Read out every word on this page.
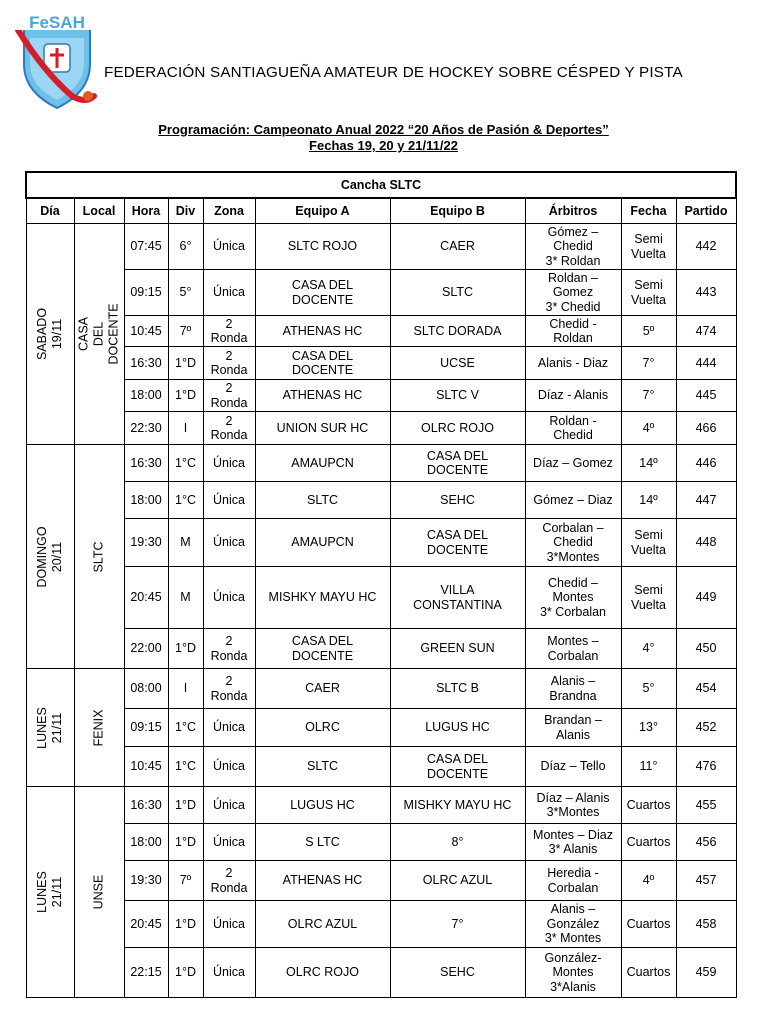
FeSAH
FEDERACIÓN SANTIAGUEÑA AMATEUR DE HOCKEY SOBRE CÉSPED Y PISTA
Programación: Campeonato Anual 2022 “20 Años de Pasión & Deportes”
Fechas 19, 20 y 21/11/22
Cancha SLTC									
Día	Local	Hora	Div	Zona	Equipo A	Equipo B	Árbitros	Fecha	Partido

SABADO
19/11	CASA DEL DOCENTE	07:45	6°	Única	SLTC ROJO	CAER	Gómez –
Chedid
3* Roldan	Semi
Vuelta	442
		09:15	5°	Única	CASA DEL
DOCENTE	SLTC	Roldan –
Gomez
3* Chedid	Semi
Vuelta	443
		10:45	7º	2
Ronda	ATHENAS HC	SLTC DORADA	Chedid -
Roldan	5º	474
		16:30	1°D	2
Ronda	CASA DEL
DOCENTE	UCSE	Alanis - Diaz	7°	444
		18:00	1°D	2
Ronda	ATHENAS HC	SLTC V	Díaz - Alanis	7°	445
		22:30	I	2
Ronda	UNION SUR HC	OLRC ROJO	Roldan -
Chedid	4º	466

DOMINGO
20/11	SLTC	16:30	1°C	Única	AMAUPCN	CASA DEL
DOCENTE	Díaz – Gomez	14º	446
		18:00	1°C	Única	SLTC	SEHC	Gómez – Diaz	14º	447
		19:30	M	Única	AMAUPCN	CASA DEL
DOCENTE	Corbalan –
Chedid
3*Montes	Semi
Vuelta	448
		20:45	M	Única	MISHKY MAYU HC	VILLA
CONSTANTINA	Chedid –
Montes
3* Corbalan	Semi
Vuelta	449
		22:00	1°D	2
Ronda	CASA DEL
DOCENTE	GREEN SUN	Montes –
Corbalan	4°	450

LUNES
21/11	FENIX	08:00	I	2
Ronda	CAER	SLTC B	Alanis –
Brandna	5°	454
		09:15	1°C	Única	OLRC	LUGUS HC	Brandan –
Alanis	13°	452
		10:45	1°C	Única	SLTC	CASA DEL
DOCENTE	Díaz – Tello	11°	476

LUNES
21/11	UNSE	16:30	1°D	Única	LUGUS HC	MISHKY MAYU HC	Díaz – Alanis
3*Montes	Cuartos	455
		18:00	1°D	Única	S LTC	8°	Montes – Diaz
3* Alanis	Cuartos	456
		19:30	7º	2
Ronda	ATHENAS HC	OLRC AZUL	Heredia -
Corbalan	4º	457
		20:45	1°D	Única	OLRC AZUL	7°	Alanis –
González
3* Montes	Cuartos	458
		22:15	1°D	Única	OLRC ROJO	SEHC	González-
Montes
3*Alanis	Cuartos	459
